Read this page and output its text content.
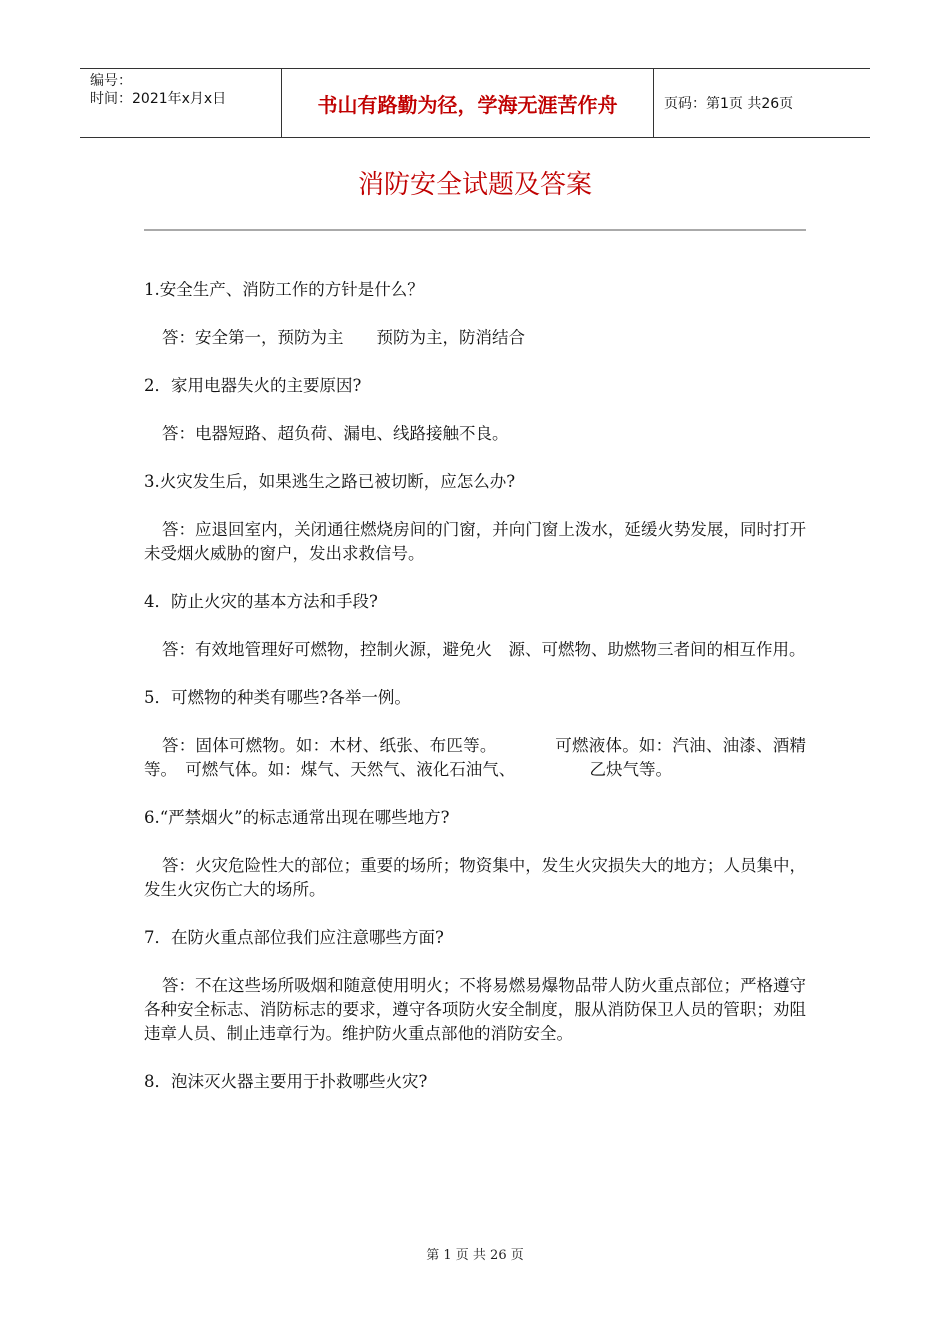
编号：
时间：2021年x月x日	书山有路勤为径，学海无涯苦作舟	页码：第1页 共26页
消防安全试题及答案

1.安全生产、消防工作的方针是什么？

答：安全第一，预防为主　　预防为主，防消结合

2．家用电器失火的主要原因?

答：电器短路、超负荷、漏电、线路接触不良。

3.火灾发生后，如果逃生之路已被切断，应怎么办?

答：应退回室内，关闭通往燃烧房间的门窗，并向门窗上泼水，延缓火势发展，同时打开未受烟火威胁的窗户，发出求救信号。

4．防止火灾的基本方法和手段?

答：有效地管理好可燃物，控制火源，避免火　源、可燃物、助燃物三者间的相互作用。

5．可燃物的种类有哪些?各举一例。

答：固体可燃物。如：木材、纸张、布匹等。　　　　可燃液体。如：汽油、油漆、酒精等。　可燃气体。如：煤气、天然气、液化石油气、　　　　　乙炔气等。

6.“严禁烟火”的标志通常出现在哪些地方?

答：火灾危险性大的部位；重要的场所；物资集中，发生火灾损失大的地方；人员集中，发生火灾伤亡大的场所。

7．在防火重点部位我们应注意哪些方面?

答：不在这些场所吸烟和随意使用明火；不将易燃易爆物品带人防火重点部位；严格遵守各种安全标志、消防标志的要求，遵守各项防火安全制度，服从消防保卫人员的管职；劝阻违章人员、制止违章行为。维护防火重点部他的消防安全。

8．泡沫灭火器主要用于扑救哪些火灾?

第 1 页 共 26 页
